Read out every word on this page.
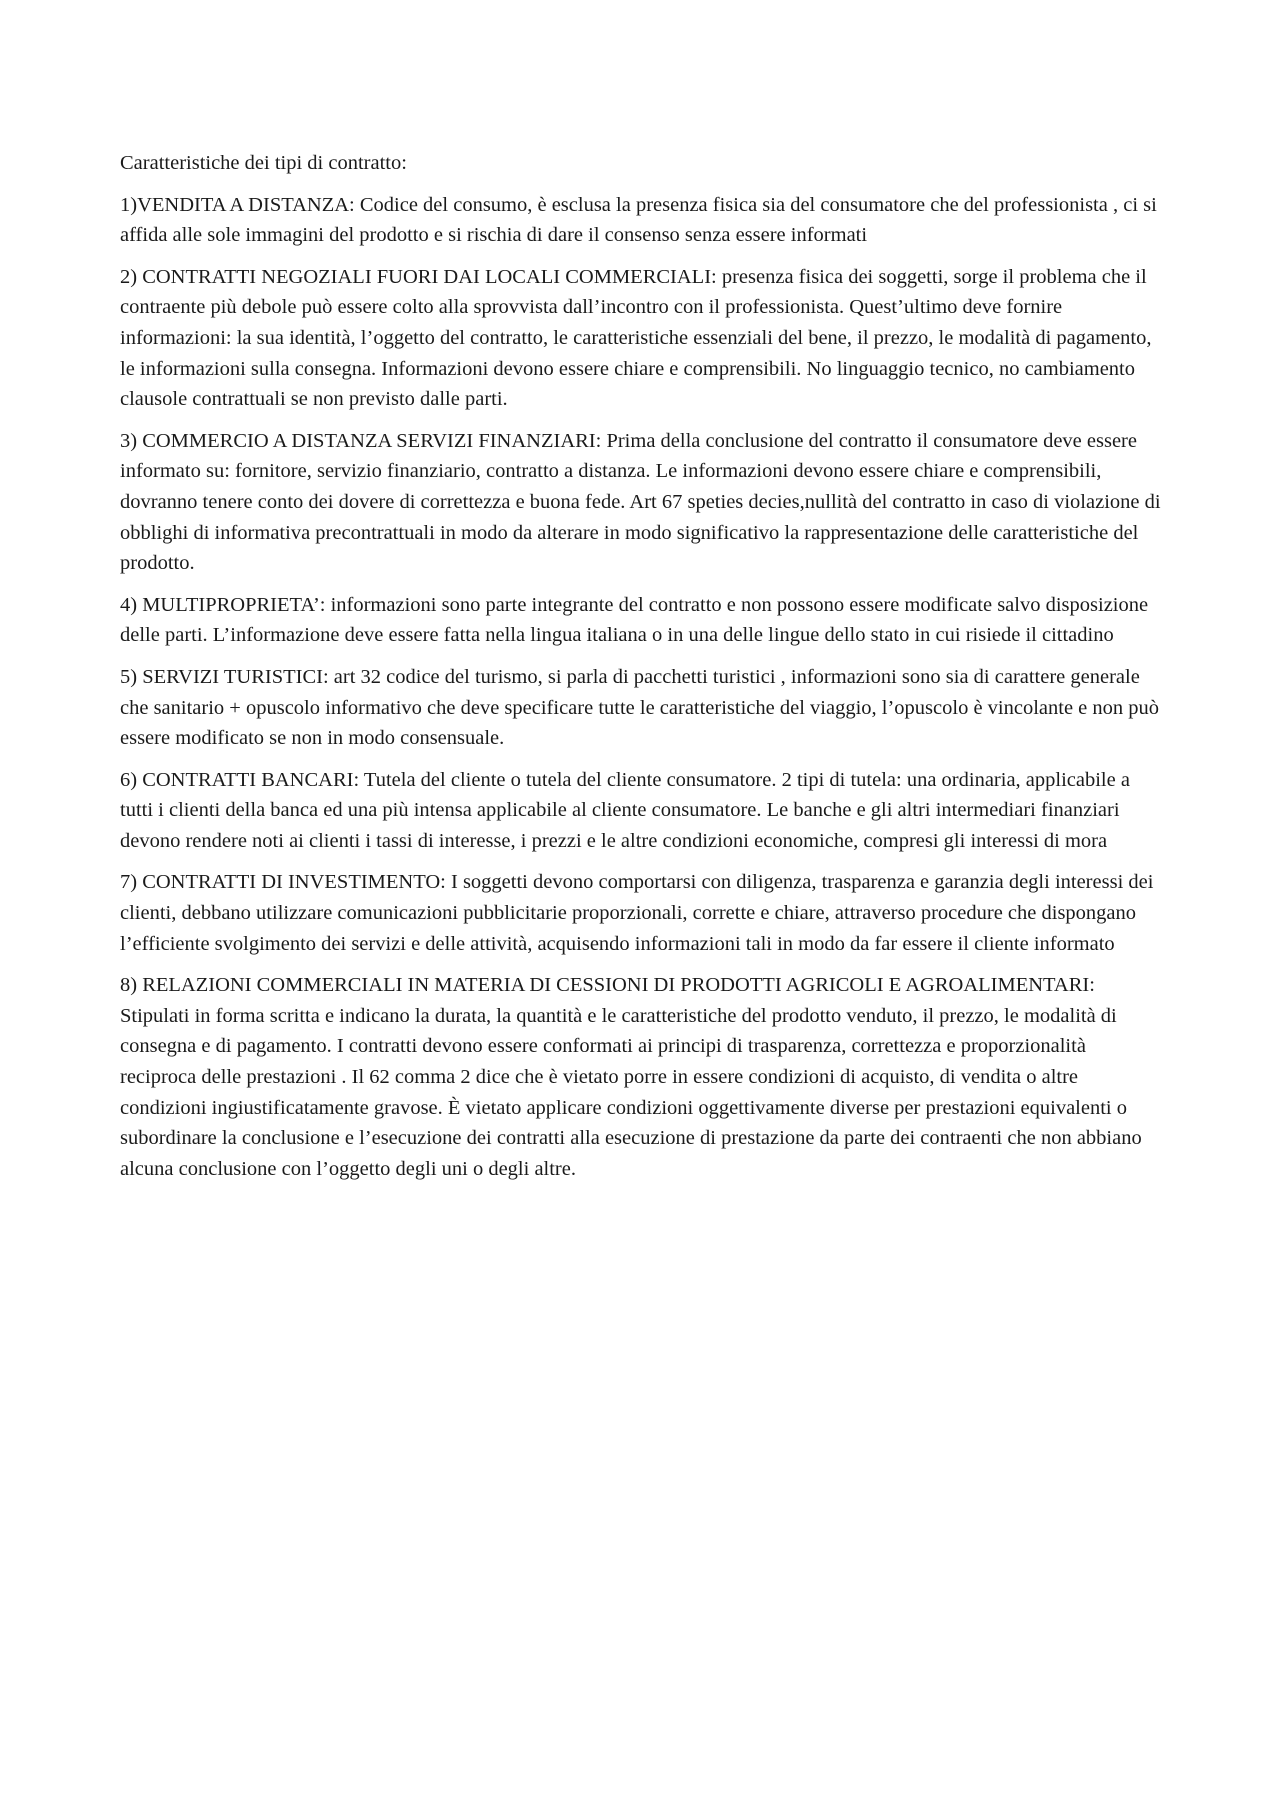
Caratteristiche dei tipi di contratto:

1)VENDITA A DISTANZA: Codice del consumo, è esclusa la presenza fisica sia del consumatore che del professionista , ci si affida alle sole immagini del prodotto e si rischia di dare il consenso senza essere informati

2) CONTRATTI NEGOZIALI FUORI DAI LOCALI COMMERCIALI: presenza fisica dei soggetti, sorge il problema che il contraente più debole può essere colto alla sprovvista dall’incontro con il professionista. Quest’ultimo deve fornire informazioni: la sua identità, l’oggetto del contratto, le caratteristiche essenziali del bene, il prezzo, le modalità di pagamento, le informazioni sulla consegna. Informazioni devono essere chiare e comprensibili. No linguaggio tecnico, no cambiamento clausole contrattuali se non previsto dalle parti.

3) COMMERCIO A DISTANZA SERVIZI FINANZIARI: Prima della conclusione del contratto il consumatore deve essere informato su: fornitore, servizio finanziario, contratto a distanza. Le informazioni devono essere chiare e comprensibili, dovranno tenere conto dei dovere di correttezza e buona fede. Art 67 speties decies,nullità del contratto in caso di violazione di obblighi di informativa precontrattuali in modo da alterare in modo significativo la rappresentazione delle caratteristiche del prodotto.

4) MULTIPROPRIETA’: informazioni sono parte integrante del contratto e non possono essere modificate salvo disposizione delle parti. L’informazione deve essere fatta nella lingua italiana o in una delle lingue dello stato in cui risiede il cittadino

5) SERVIZI TURISTICI: art 32 codice del turismo, si parla di pacchetti turistici , informazioni sono sia di carattere generale che sanitario + opuscolo informativo che deve specificare tutte le caratteristiche del viaggio, l’opuscolo è vincolante e non può essere modificato se non in modo consensuale.

6) CONTRATTI BANCARI: Tutela del cliente o tutela del cliente consumatore. 2 tipi di tutela: una ordinaria, applicabile a tutti i clienti della banca ed una più intensa applicabile al cliente consumatore. Le banche e gli altri intermediari finanziari devono rendere noti ai clienti i tassi di interesse, i prezzi e le altre condizioni economiche, compresi gli interessi di mora

7) CONTRATTI DI INVESTIMENTO: I soggetti devono comportarsi con diligenza, trasparenza e garanzia degli interessi dei clienti, debbano utilizzare comunicazioni pubblicitarie proporzionali, corrette e chiare, attraverso procedure che dispongano l’efficiente svolgimento dei servizi e delle attività, acquisendo informazioni tali in modo da far essere il cliente informato

8) RELAZIONI COMMERCIALI IN MATERIA DI CESSIONI DI PRODOTTI AGRICOLI E AGROALIMENTARI: Stipulati in forma scritta e indicano la durata, la quantità e le caratteristiche del prodotto venduto, il prezzo, le modalità di consegna e di pagamento. I contratti devono essere conformati ai principi di trasparenza, correttezza e proporzionalità reciproca delle prestazioni . Il 62 comma 2 dice che è vietato porre in essere condizioni di acquisto, di vendita o altre condizioni ingiustificatamente gravose. È vietato applicare condizioni oggettivamente diverse per prestazioni equivalenti o subordinare la conclusione e l’esecuzione dei contratti alla esecuzione di prestazione da parte dei contraenti che non abbiano alcuna conclusione con l’oggetto degli uni o degli altre.
